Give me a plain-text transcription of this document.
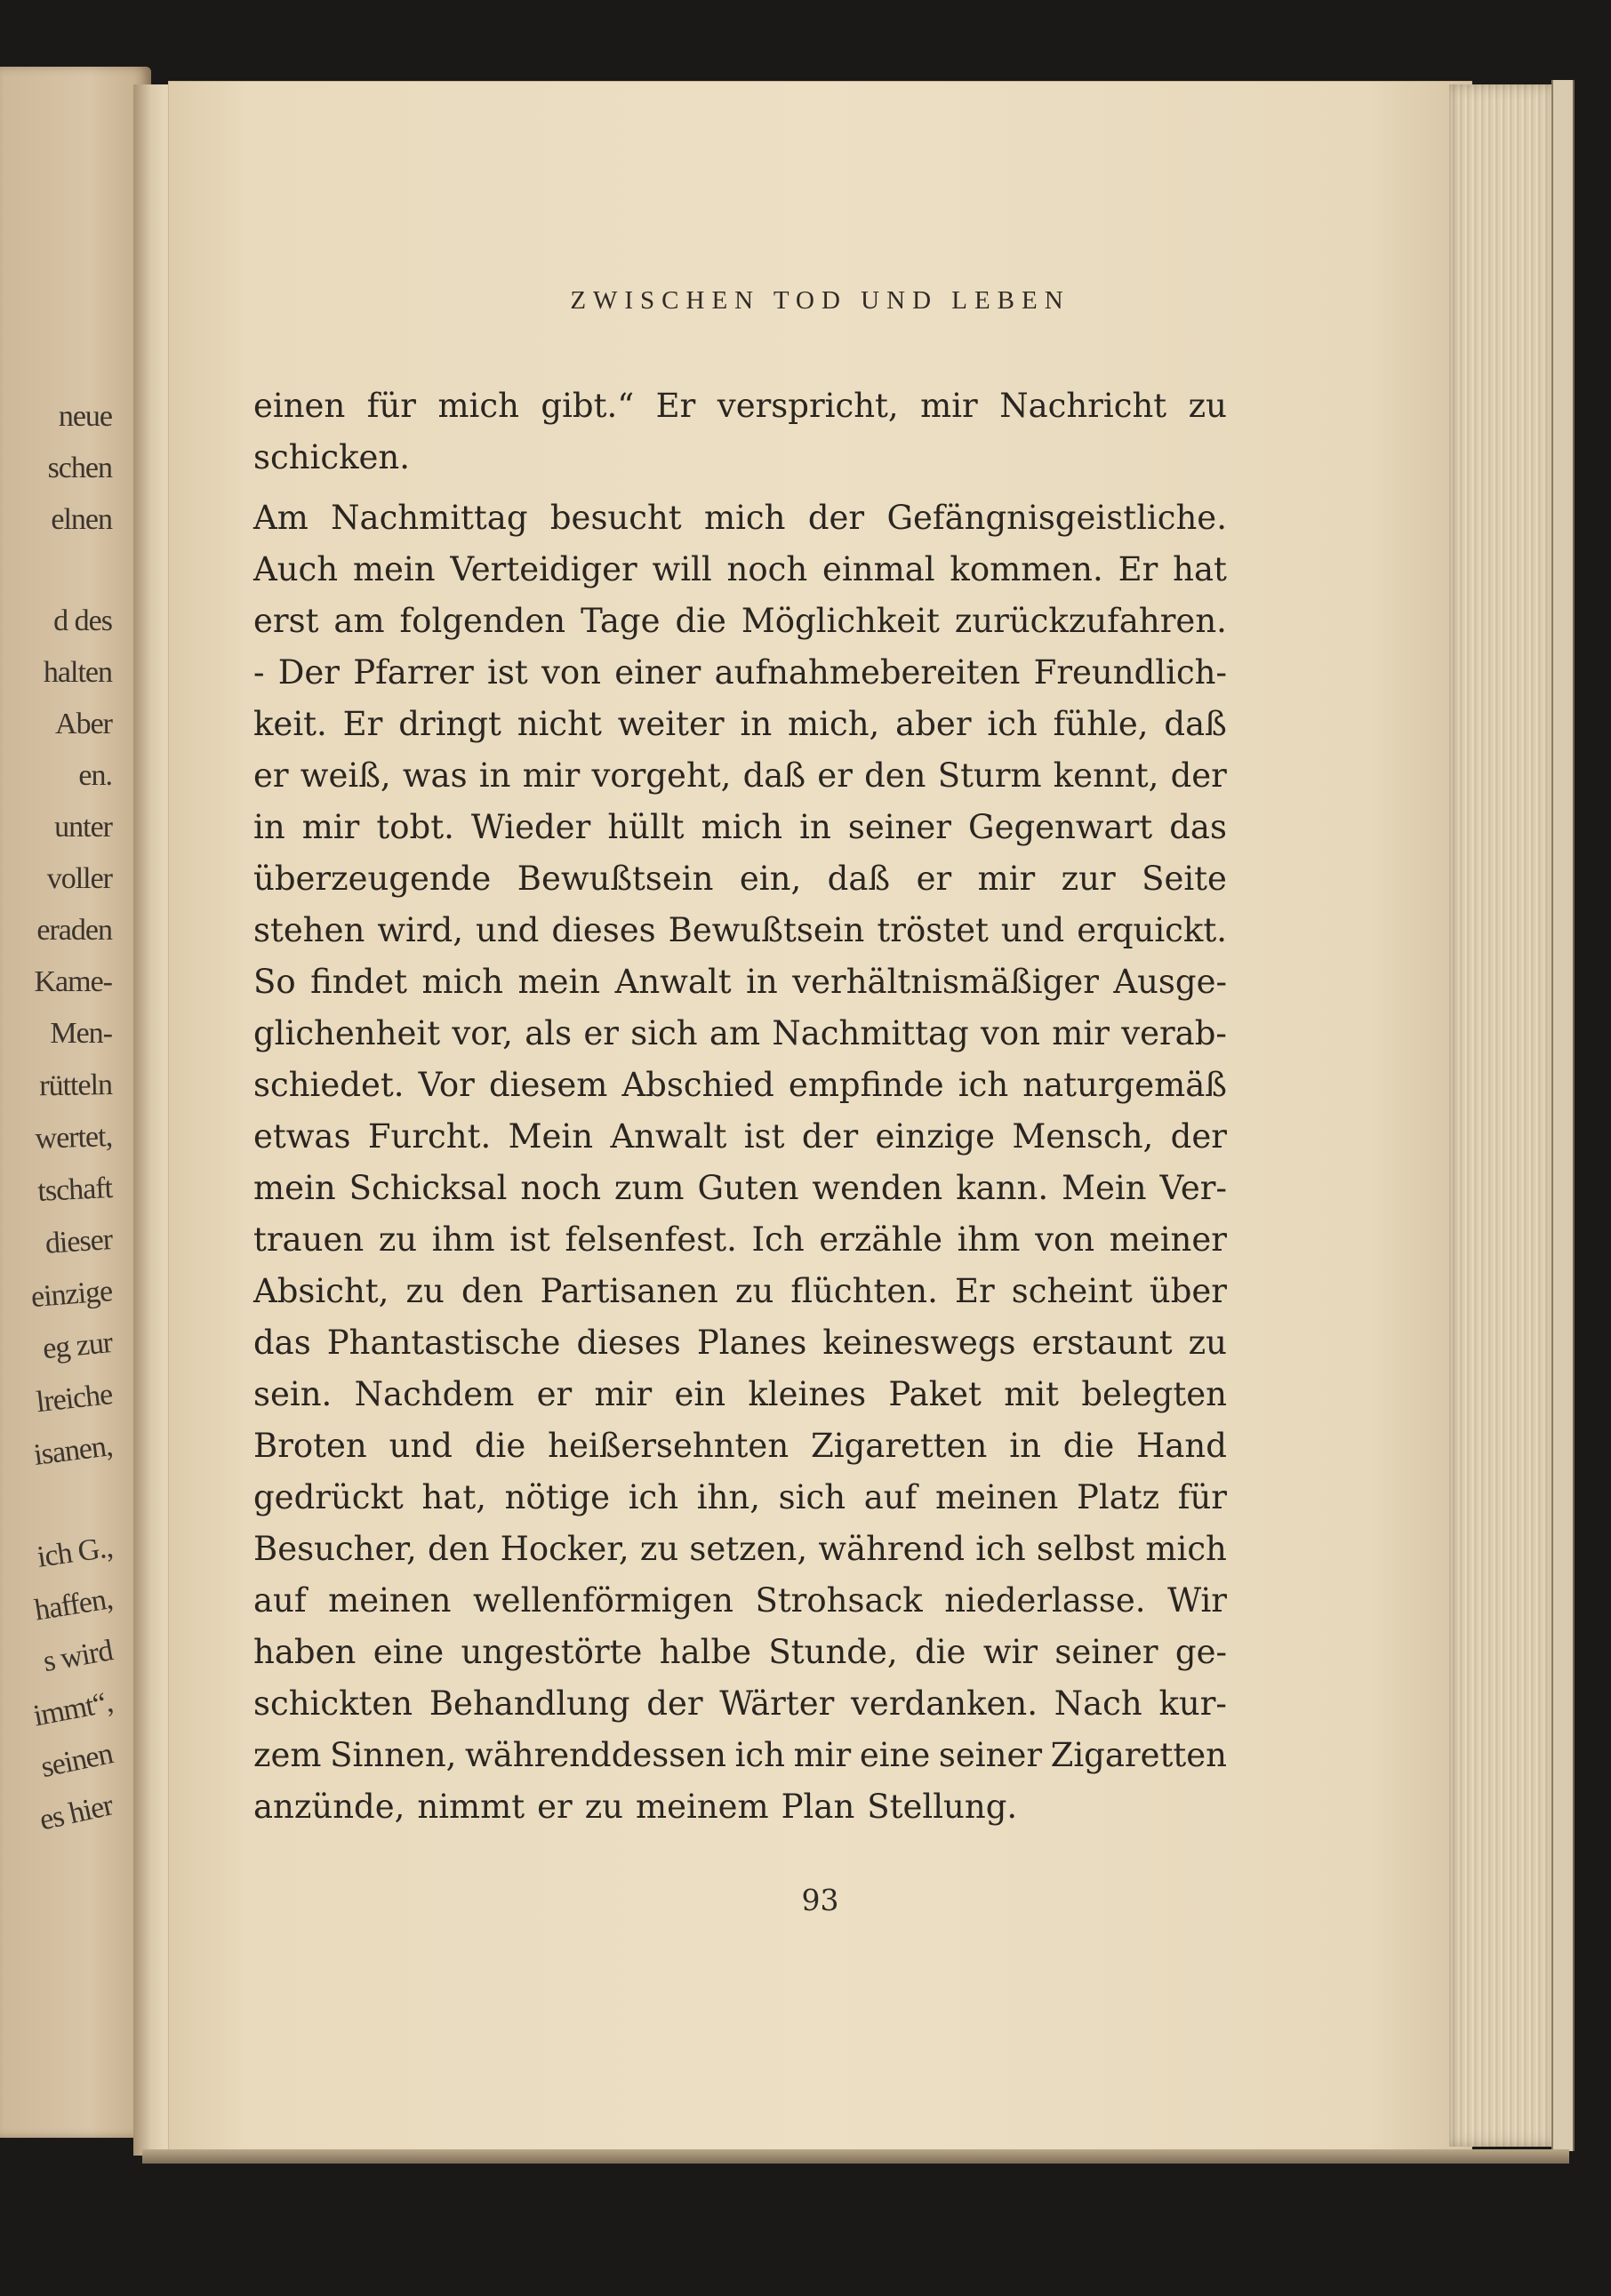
neue
schen
elnen
d des
halten
Aber
en.
unter
voller
eraden
Kame-
Men-
rütteln
wertet,
tschaft
dieser
einzige
eg zur
lreiche
isanen,
ich G.,
haffen,
s wird
immt“,
seinen
es hier
ZWISCHEN TOD UND LEBEN
einen für mich gibt.“ Er verspricht, mir Nachricht zu
schicken.
Am Nachmittag besucht mich der Gefängnisgeistliche.
Auch mein Verteidiger will noch einmal kommen. Er hat
erst am folgenden Tage die Möglichkeit zurückzufahren.
- Der Pfarrer ist von einer aufnahmebereiten Freundlich-
keit. Er dringt nicht weiter in mich, aber ich fühle, daß
er weiß, was in mir vorgeht, daß er den Sturm kennt, der
in mir tobt. Wieder hüllt mich in seiner Gegenwart das
überzeugende Bewußtsein ein, daß er mir zur Seite
stehen wird, und dieses Bewußtsein tröstet und erquickt.
So findet mich mein Anwalt in verhältnismäßiger Ausge-
glichenheit vor, als er sich am Nachmittag von mir verab-
schiedet. Vor diesem Abschied empfinde ich naturgemäß
etwas Furcht. Mein Anwalt ist der einzige Mensch, der
mein Schicksal noch zum Guten wenden kann. Mein Ver-
trauen zu ihm ist felsenfest. Ich erzähle ihm von meiner
Absicht, zu den Partisanen zu flüchten. Er scheint über
das Phantastische dieses Planes keineswegs erstaunt zu
sein. Nachdem er mir ein kleines Paket mit belegten
Broten und die heißersehnten Zigaretten in die Hand
gedrückt hat, nötige ich ihn, sich auf meinen Platz für
Besucher, den Hocker, zu setzen, während ich selbst mich
auf meinen wellenförmigen Strohsack niederlasse. Wir
haben eine ungestörte halbe Stunde, die wir seiner ge-
schickten Behandlung der Wärter verdanken. Nach kur-
zem Sinnen, währenddessen ich mir eine seiner Zigaretten
anzünde, nimmt er zu meinem Plan Stellung.
93
